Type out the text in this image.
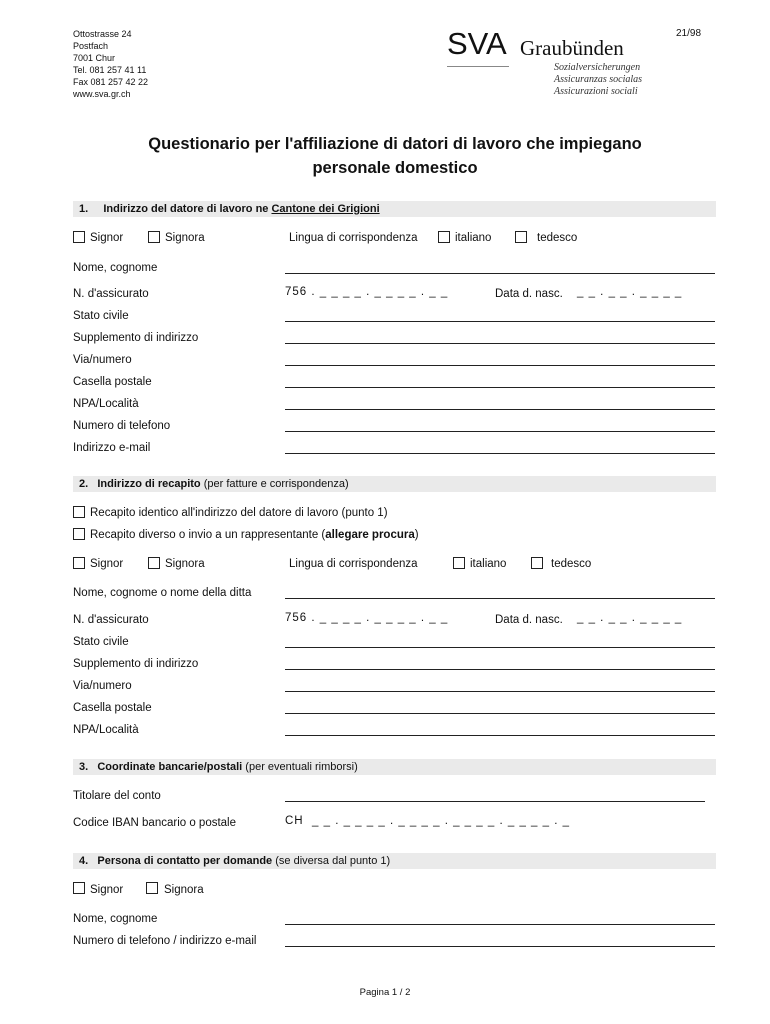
Ottostrasse 24
Postfach
7001 Chur
Tel. 081 257 41 11
Fax 081 257 42 22
www.sva.gr.ch
SVA Graubünden
Sozialversicherungen
Assicuranzas socialas
Assicurazioni sociali
21/98
Questionario per l'affiliazione di datori di lavoro che impiegano
personale domestico
1. Indirizzo del datore di lavoro ne Cantone dei Grigioni
Signor	Signora	Lingua di corrispondenza	italiano	tedesco
Nome, cognome
N. d'assicurato	756 . _ _ _ _ . _ _ _ _ . _ _	Data d. nasc. _ _ . _ _ . _ _ _ _
Stato civile
Supplemento di indirizzo
Via/numero
Casella postale
NPA/Località
Numero di telefono
Indirizzo e-mail
2. Indirizzo di recapito (per fatture e corrispondenza)
Recapito identico all'indirizzo del datore di lavoro (punto 1)
Recapito diverso o invio a un rappresentante (allegare procura)
Signor	Signora	Lingua di corrispondenza	italiano	tedesco
Nome, cognome o nome della ditta
N. d'assicurato	756 . _ _ _ _ . _ _ _ _ . _ _	Data d. nasc. _ _ . _ _ . _ _ _ _
Stato civile
Supplemento di indirizzo
Via/numero
Casella postale
NPA/Località
3. Coordinate bancarie/postali (per eventuali rimborsi)
Titolare del conto
Codice IBAN bancario o postale	CH _ _ . _ _ _ _ . _ _ _ _ . _ _ _ _ . _ _ _ _ . _
4. Persona di contatto per domande (se diversa dal punto 1)
Signor	Signora
Nome, cognome
Numero di telefono / indirizzo e-mail
Pagina 1 / 2
